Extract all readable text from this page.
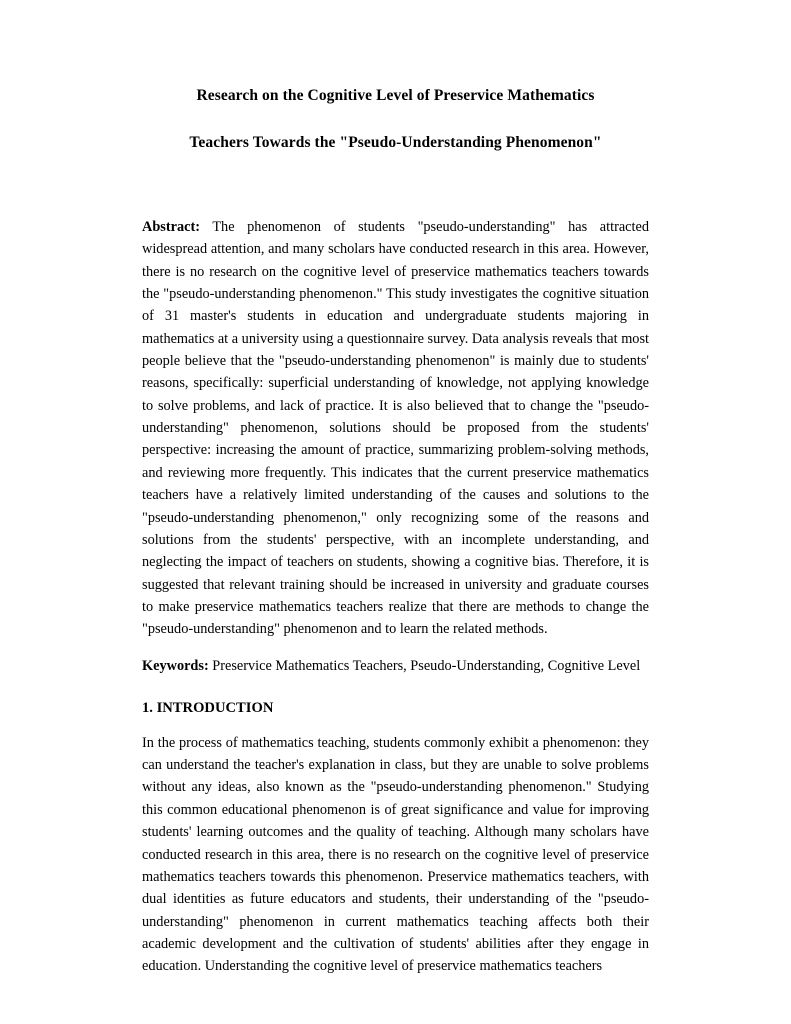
Research on the Cognitive Level of Preservice Mathematics
Teachers Towards the "Pseudo-Understanding Phenomenon"

Abstract: The phenomenon of students "pseudo-understanding" has attracted widespread attention, and many scholars have conducted research in this area. However, there is no research on the cognitive level of preservice mathematics teachers towards the "pseudo-understanding phenomenon." This study investigates the cognitive situation of 31 master's students in education and undergraduate students majoring in mathematics at a university using a questionnaire survey. Data analysis reveals that most people believe that the "pseudo-understanding phenomenon" is mainly due to students' reasons, specifically: superficial understanding of knowledge, not applying knowledge to solve problems, and lack of practice. It is also believed that to change the "pseudo-understanding" phenomenon, solutions should be proposed from the students' perspective: increasing the amount of practice, summarizing problem-solving methods, and reviewing more frequently. This indicates that the current preservice mathematics teachers have a relatively limited understanding of the causes and solutions to the "pseudo-understanding phenomenon," only recognizing some of the reasons and solutions from the students' perspective, with an incomplete understanding, and neglecting the impact of teachers on students, showing a cognitive bias. Therefore, it is suggested that relevant training should be increased in university and graduate courses to make preservice mathematics teachers realize that there are methods to change the "pseudo-understanding" phenomenon and to learn the related methods.

Keywords: Preservice Mathematics Teachers, Pseudo-Understanding, Cognitive Level

1. INTRODUCTION

In the process of mathematics teaching, students commonly exhibit a phenomenon: they can understand the teacher's explanation in class, but they are unable to solve problems without any ideas, also known as the "pseudo-understanding phenomenon." Studying this common educational phenomenon is of great significance and value for improving students' learning outcomes and the quality of teaching. Although many scholars have conducted research in this area, there is no research on the cognitive level of preservice mathematics teachers towards this phenomenon. Preservice mathematics teachers, with dual identities as future educators and students, their understanding of the "pseudo-understanding" phenomenon in current mathematics teaching affects both their academic development and the cultivation of students' abilities after they engage in education. Understanding the cognitive level of preservice mathematics teachers
